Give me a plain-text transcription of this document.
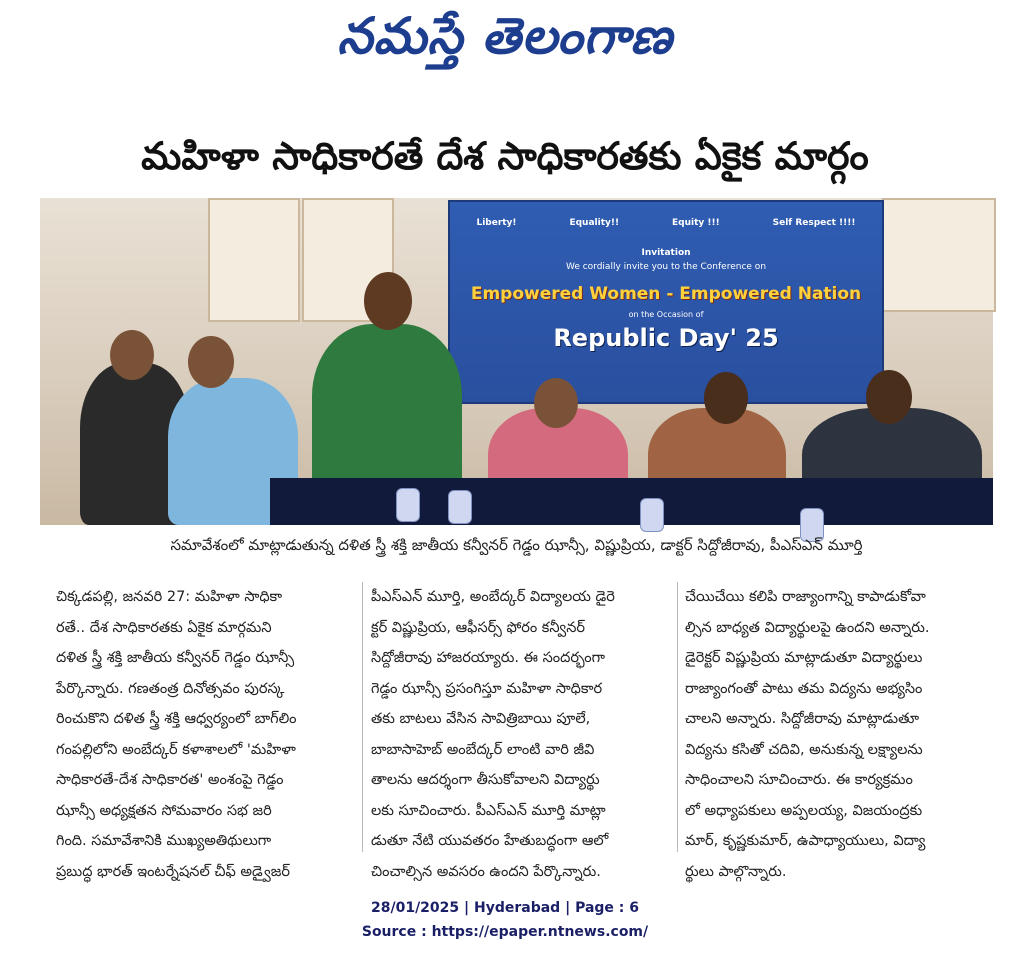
నమస్తే తెలంగాణ
మహిళా సాధికారతే దేశ సాధికారతకు ఏకైక మార్గం
Liberty!	Equality!!	Equity !!!	Self Respect !!!!
Invitation
We cordially invite you to the Conference on
Empowered Women - Empowered Nation
on the Occasion of
Republic Day' 25
సమావేశంలో మాట్లాడుతున్న దళిత స్త్రీ శక్తి జాతీయ కన్వీనర్ గెడ్డం ఝాన్సీ, విష్ణుప్రియ, డాక్టర్ సిద్దోజీరావు, పీఎస్ఎన్ మూర్తి
చిక్కడపల్లి, జనవరి 27: మహిళా సాధికా
రతే.. దేశ సాధికారతకు ఏకైక మార్గమని
దళిత స్త్రీ శక్తి జాతీయ కన్వీనర్ గెడ్డం ఝాన్సీ
పేర్కొన్నారు. గణతంత్ర దినోత్సవం పురస్క
రించుకొని దళిత స్త్రీ శక్తి ఆధ్వర్యంలో బాగ్‌లిం
గంపల్లిలోని అంబేద్కర్ కళాశాలలో 'మహిళా
సాధికారతే-దేశ సాధికారత' అంశంపై గెడ్డం
ఝాన్సీ అధ్యక్షతన సోమవారం సభ జరి
గింది. సమావేశానికి ముఖ్యఅతిథులుగా
ప్రబుద్ధ భారత్ ఇంటర్నేషనల్ చీఫ్ అడ్వైజర్
పీఎస్ఎన్ మూర్తి, అంబేద్కర్ విద్యాలయ డైరె
క్టర్ విష్ణుప్రియ, ఆఫీసర్స్ ఫోరం కన్వీనర్
సిద్దోజీరావు హాజరయ్యారు. ఈ సందర్భంగా
గెడ్డం ఝాన్సీ ప్రసంగిస్తూ మహిళా సాధికార
తకు బాటలు వేసిన సావిత్రిబాయి పూలే,
బాబాసాహెబ్ అంబేద్కర్ లాంటి వారి జీవి
తాలను ఆదర్శంగా తీసుకోవాలని విద్యార్థు
లకు సూచించారు. పీఎస్ఎన్ మూర్తి మాట్లా
డుతూ నేటి యువతరం హేతుబద్ధంగా ఆలో
చించాల్సిన అవసరం ఉందని పేర్కొన్నారు.
చేయిచేయి కలిపి రాజ్యాంగాన్ని కాపాడుకోవా
ల్సిన బాధ్యత విద్యార్థులపై ఉందని అన్నారు.
డైరెక్టర్ విష్ణుప్రియ మాట్లాడుతూ విద్యార్థులు
రాజ్యాంగంతో పాటు తమ విద్యను అభ్యసిం
చాలని అన్నారు. సిద్దోజీరావు మాట్లాడుతూ
విద్యను కసితో చదివి, అనుకున్న లక్ష్యాలను
సాధించాలని సూచించారు. ఈ కార్యక్రమం
లో అధ్యాపకులు అప్పలయ్య, విజయంద్రకు
మార్, కృష్ణకుమార్, ఉపాధ్యాయులు, విద్యా
ర్థులు పాల్గొన్నారు.
28/01/2025 | Hyderabad | Page : 6
Source : https://epaper.ntnews.com/
